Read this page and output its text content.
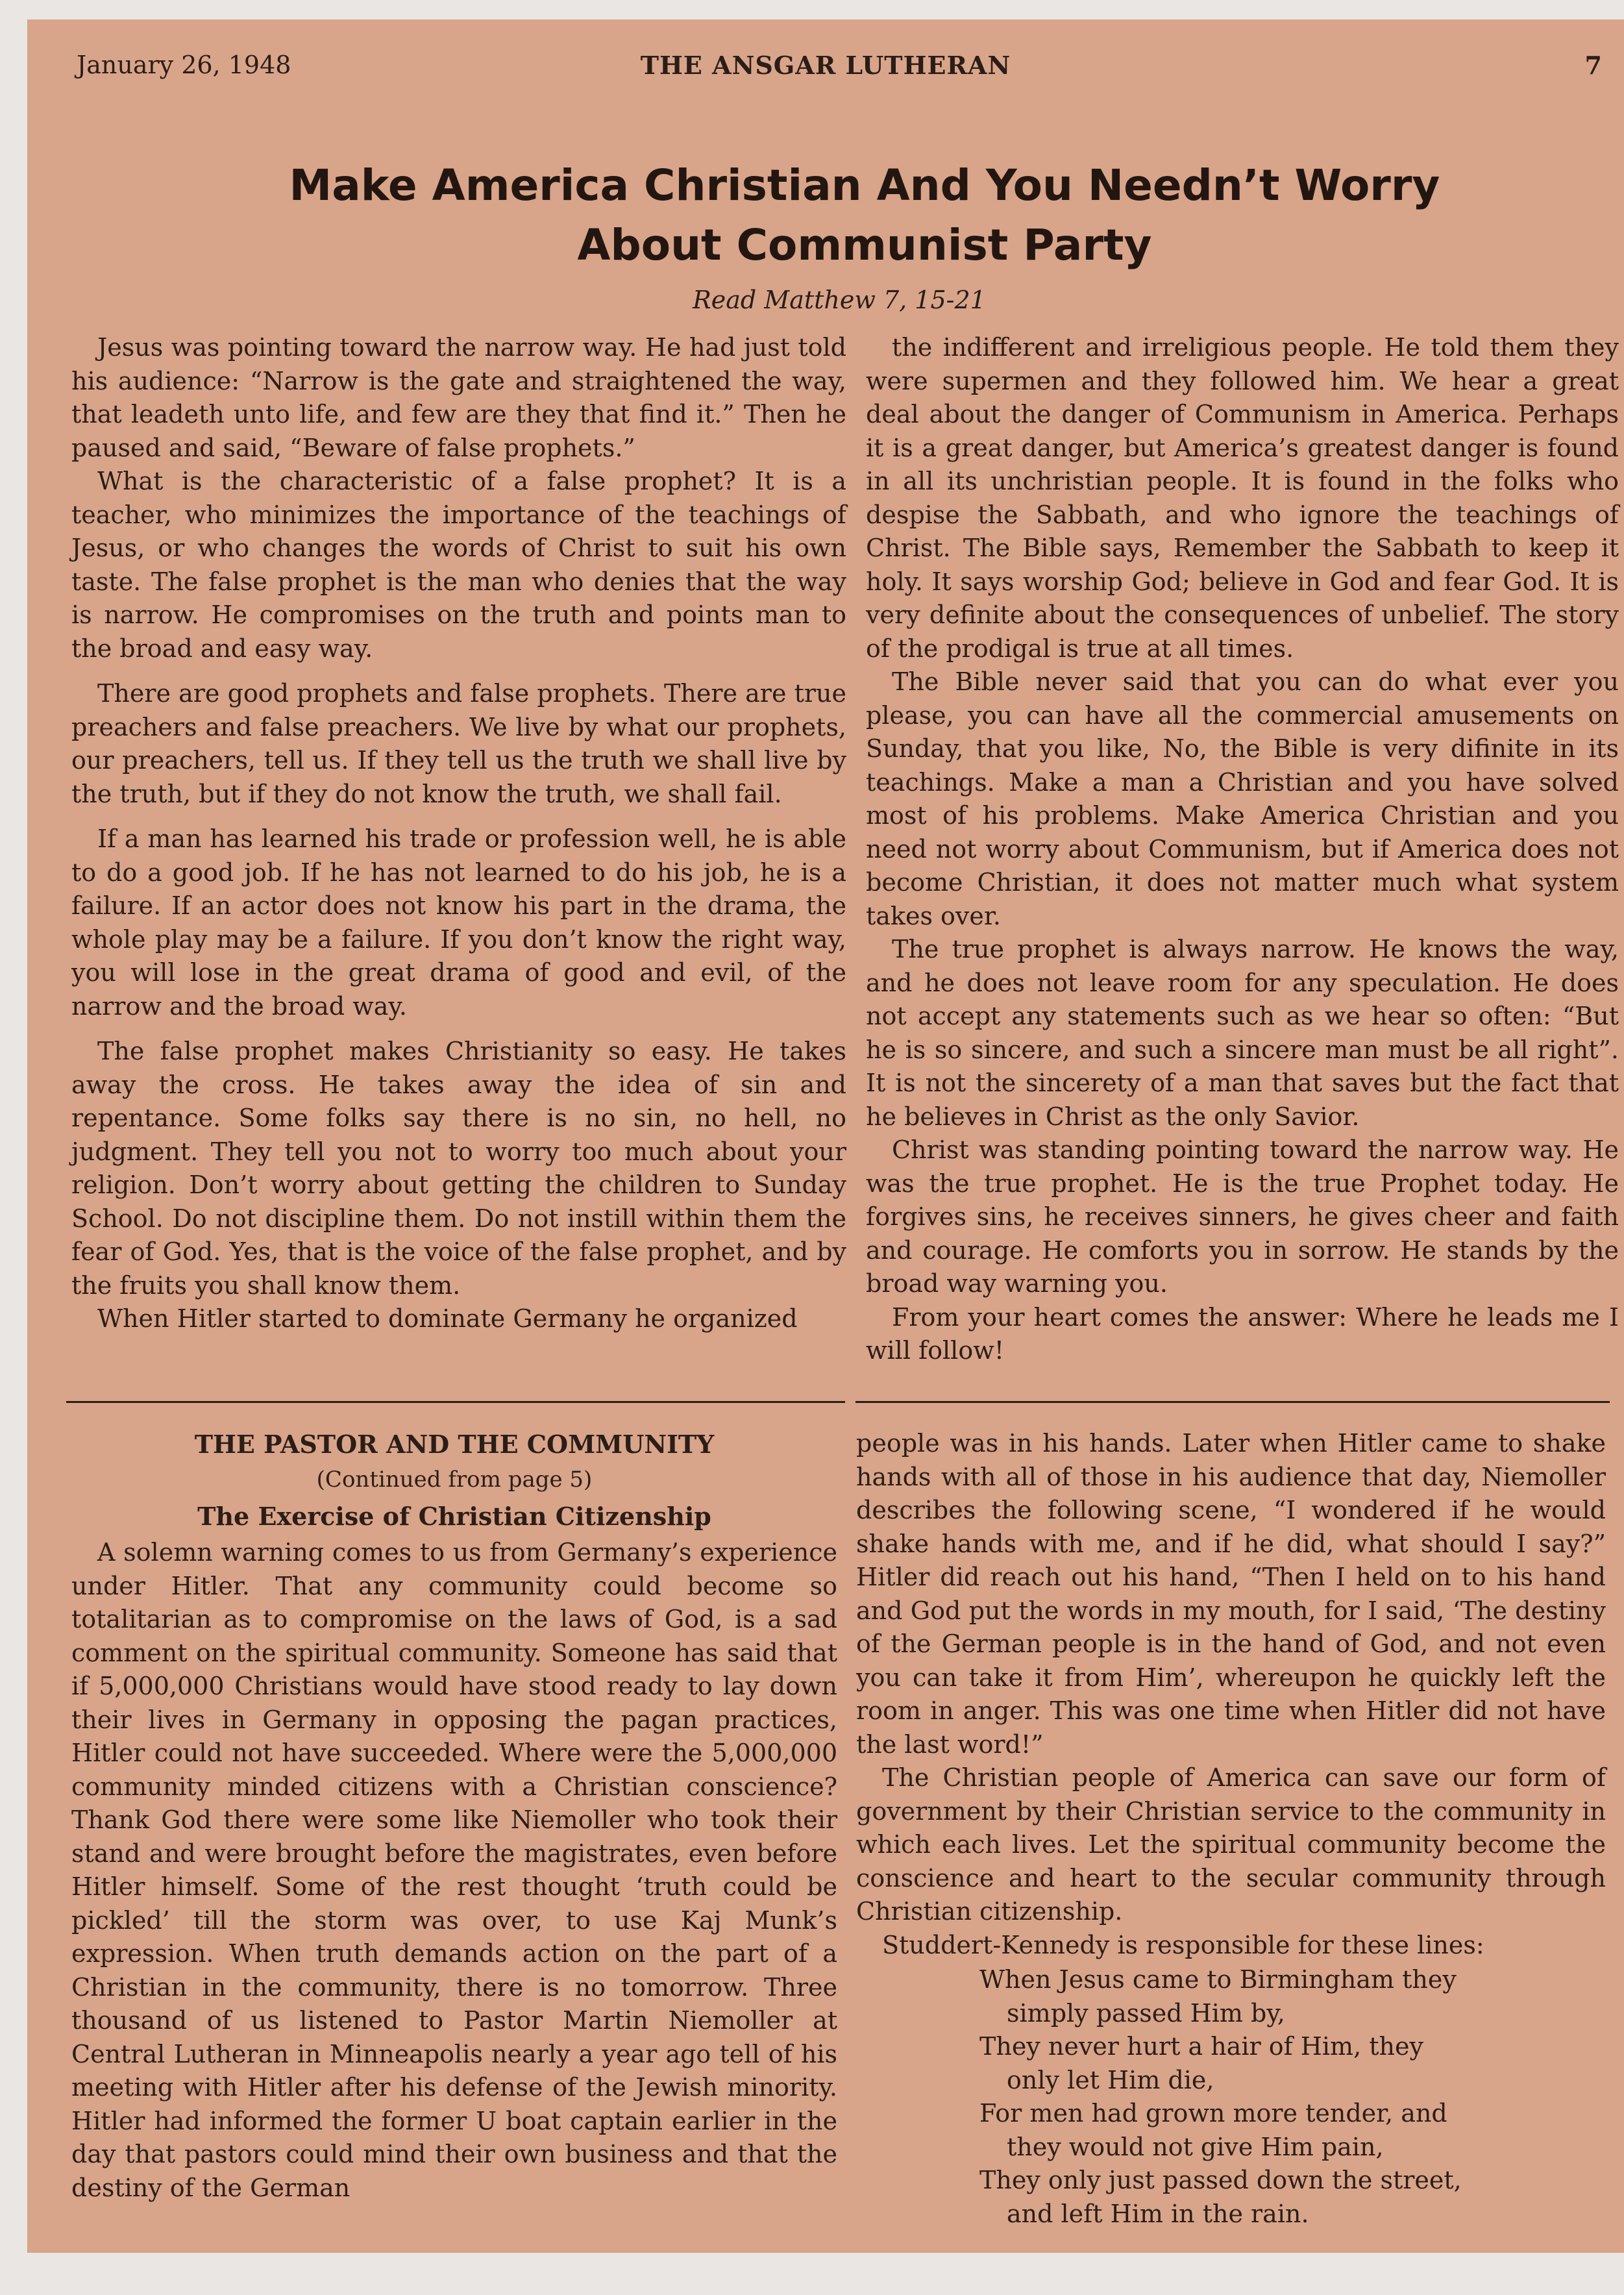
January 26, 1948	THE ANSGAR LUTHERAN	7
Make America Christian And You Needn’t Worry
About Communist Party
Read Matthew 7, 15-21

Jesus was pointing toward the narrow way. He had just told his audience: “Narrow is the gate and straightened the way, that leadeth unto life, and few are they that find it.” Then he paused and said, “Beware of false prophets.”

What is the characteristic of a false prophet? It is a teacher, who minimizes the importance of the teachings of Jesus, or who changes the words of Christ to suit his own taste. The false prophet is the man who denies that the way is narrow. He compromises on the truth and points man to the broad and easy way.

There are good prophets and false prophets. There are true preachers and false preachers. We live by what our prophets, our preachers, tell us. If they tell us the truth we shall live by the truth, but if they do not know the truth, we shall fail.

If a man has learned his trade or profession well, he is able to do a good job. If he has not learned to do his job, he is a failure. If an actor does not know his part in the drama, the whole play may be a failure. If you don’t know the right way, you will lose in the great drama of good and evil, of the narrow and the broad way.

The false prophet makes Christianity so easy. He takes away the cross. He takes away the idea of sin and repentance. Some folks say there is no sin, no hell, no judgment. They tell you not to worry too much about your religion. Don’t worry about getting the children to Sunday School. Do not discipline them. Do not instill within them the fear of God. Yes, that is the voice of the false prophet, and by the fruits you shall know them.

When Hitler started to dominate Germany he organized

the indifferent and irreligious people. He told them they were supermen and they followed him. We hear a great deal about the danger of Communism in America. Perhaps it is a great danger, but America’s greatest danger is found in all its unchristian people. It is found in the folks who despise the Sabbath, and who ignore the teachings of Christ. The Bible says, Remember the Sabbath to keep it holy. It says worship God; believe in God and fear God. It is very definite about the consequences of unbelief. The story of the prodigal is true at all times.

The Bible never said that you can do what ever you please, you can have all the commercial amusements on Sunday, that you like, No, the Bible is very difinite in its teachings. Make a man a Christian and you have solved most of his problems. Make America Christian and you need not worry about Communism, but if America does not become Christian, it does not matter much what system takes over.

The true prophet is always narrow. He knows the way, and he does not leave room for any speculation. He does not accept any statements such as we hear so often: “But he is so sincere, and such a sincere man must be all right”. It is not the sincerety of a man that saves but the fact that he believes in Christ as the only Savior.

Christ was standing pointing toward the narrow way. He was the true prophet. He is the true Prophet today. He forgives sins, he receives sinners, he gives cheer and faith and courage. He comforts you in sorrow. He stands by the broad way warning you.

From your heart comes the answer: Where he leads me I will follow!

THE PASTOR AND THE COMMUNITY
(Continued from page 5)
The Exercise of Christian Citizenship

A solemn warning comes to us from Germany’s experience under Hitler. That any community could become so totalitarian as to compromise on the laws of God, is a sad comment on the spiritual community. Someone has said that if 5,000,000 Christians would have stood ready to lay down their lives in Germany in opposing the pagan practices, Hitler could not have succeeded. Where were the 5,000,000 community minded citizens with a Christian conscience? Thank God there were some like Niemoller who took their stand and were brought before the magistrates, even before Hitler himself. Some of the rest thought ‘truth could be pickled’ till the storm was over, to use Kaj Munk’s expression. When truth demands action on the part of a Christian in the community, there is no tomorrow. Three thousand of us listened to Pastor Martin Niemoller at Central Lutheran in Minneapolis nearly a year ago tell of his meeting with Hitler after his defense of the Jewish minority. Hitler had informed the former U boat captain earlier in the day that pastors could mind their own business and that the destiny of the German

people was in his hands. Later when Hitler came to shake hands with all of those in his audience that day, Niemoller describes the following scene, “I wondered if he would shake hands with me, and if he did, what should I say?” Hitler did reach out his hand, “Then I held on to his hand and God put the words in my mouth, for I said, ‘The destiny of the German people is in the hand of God, and not even you can take it from Him’, whereupon he quickly left the room in anger. This was one time when Hitler did not have the last word!”

The Christian people of America can save our form of government by their Christian service to the community in which each lives. Let the spiritual community become the conscience and heart to the secular community through Christian citizenship.

Studdert-Kennedy is responsible for these lines:

When Jesus came to Birmingham they
simply passed Him by,
They never hurt a hair of Him, they
only let Him die,
For men had grown more tender, and
they would not give Him pain,
They only just passed down the street,
and left Him in the rain.
